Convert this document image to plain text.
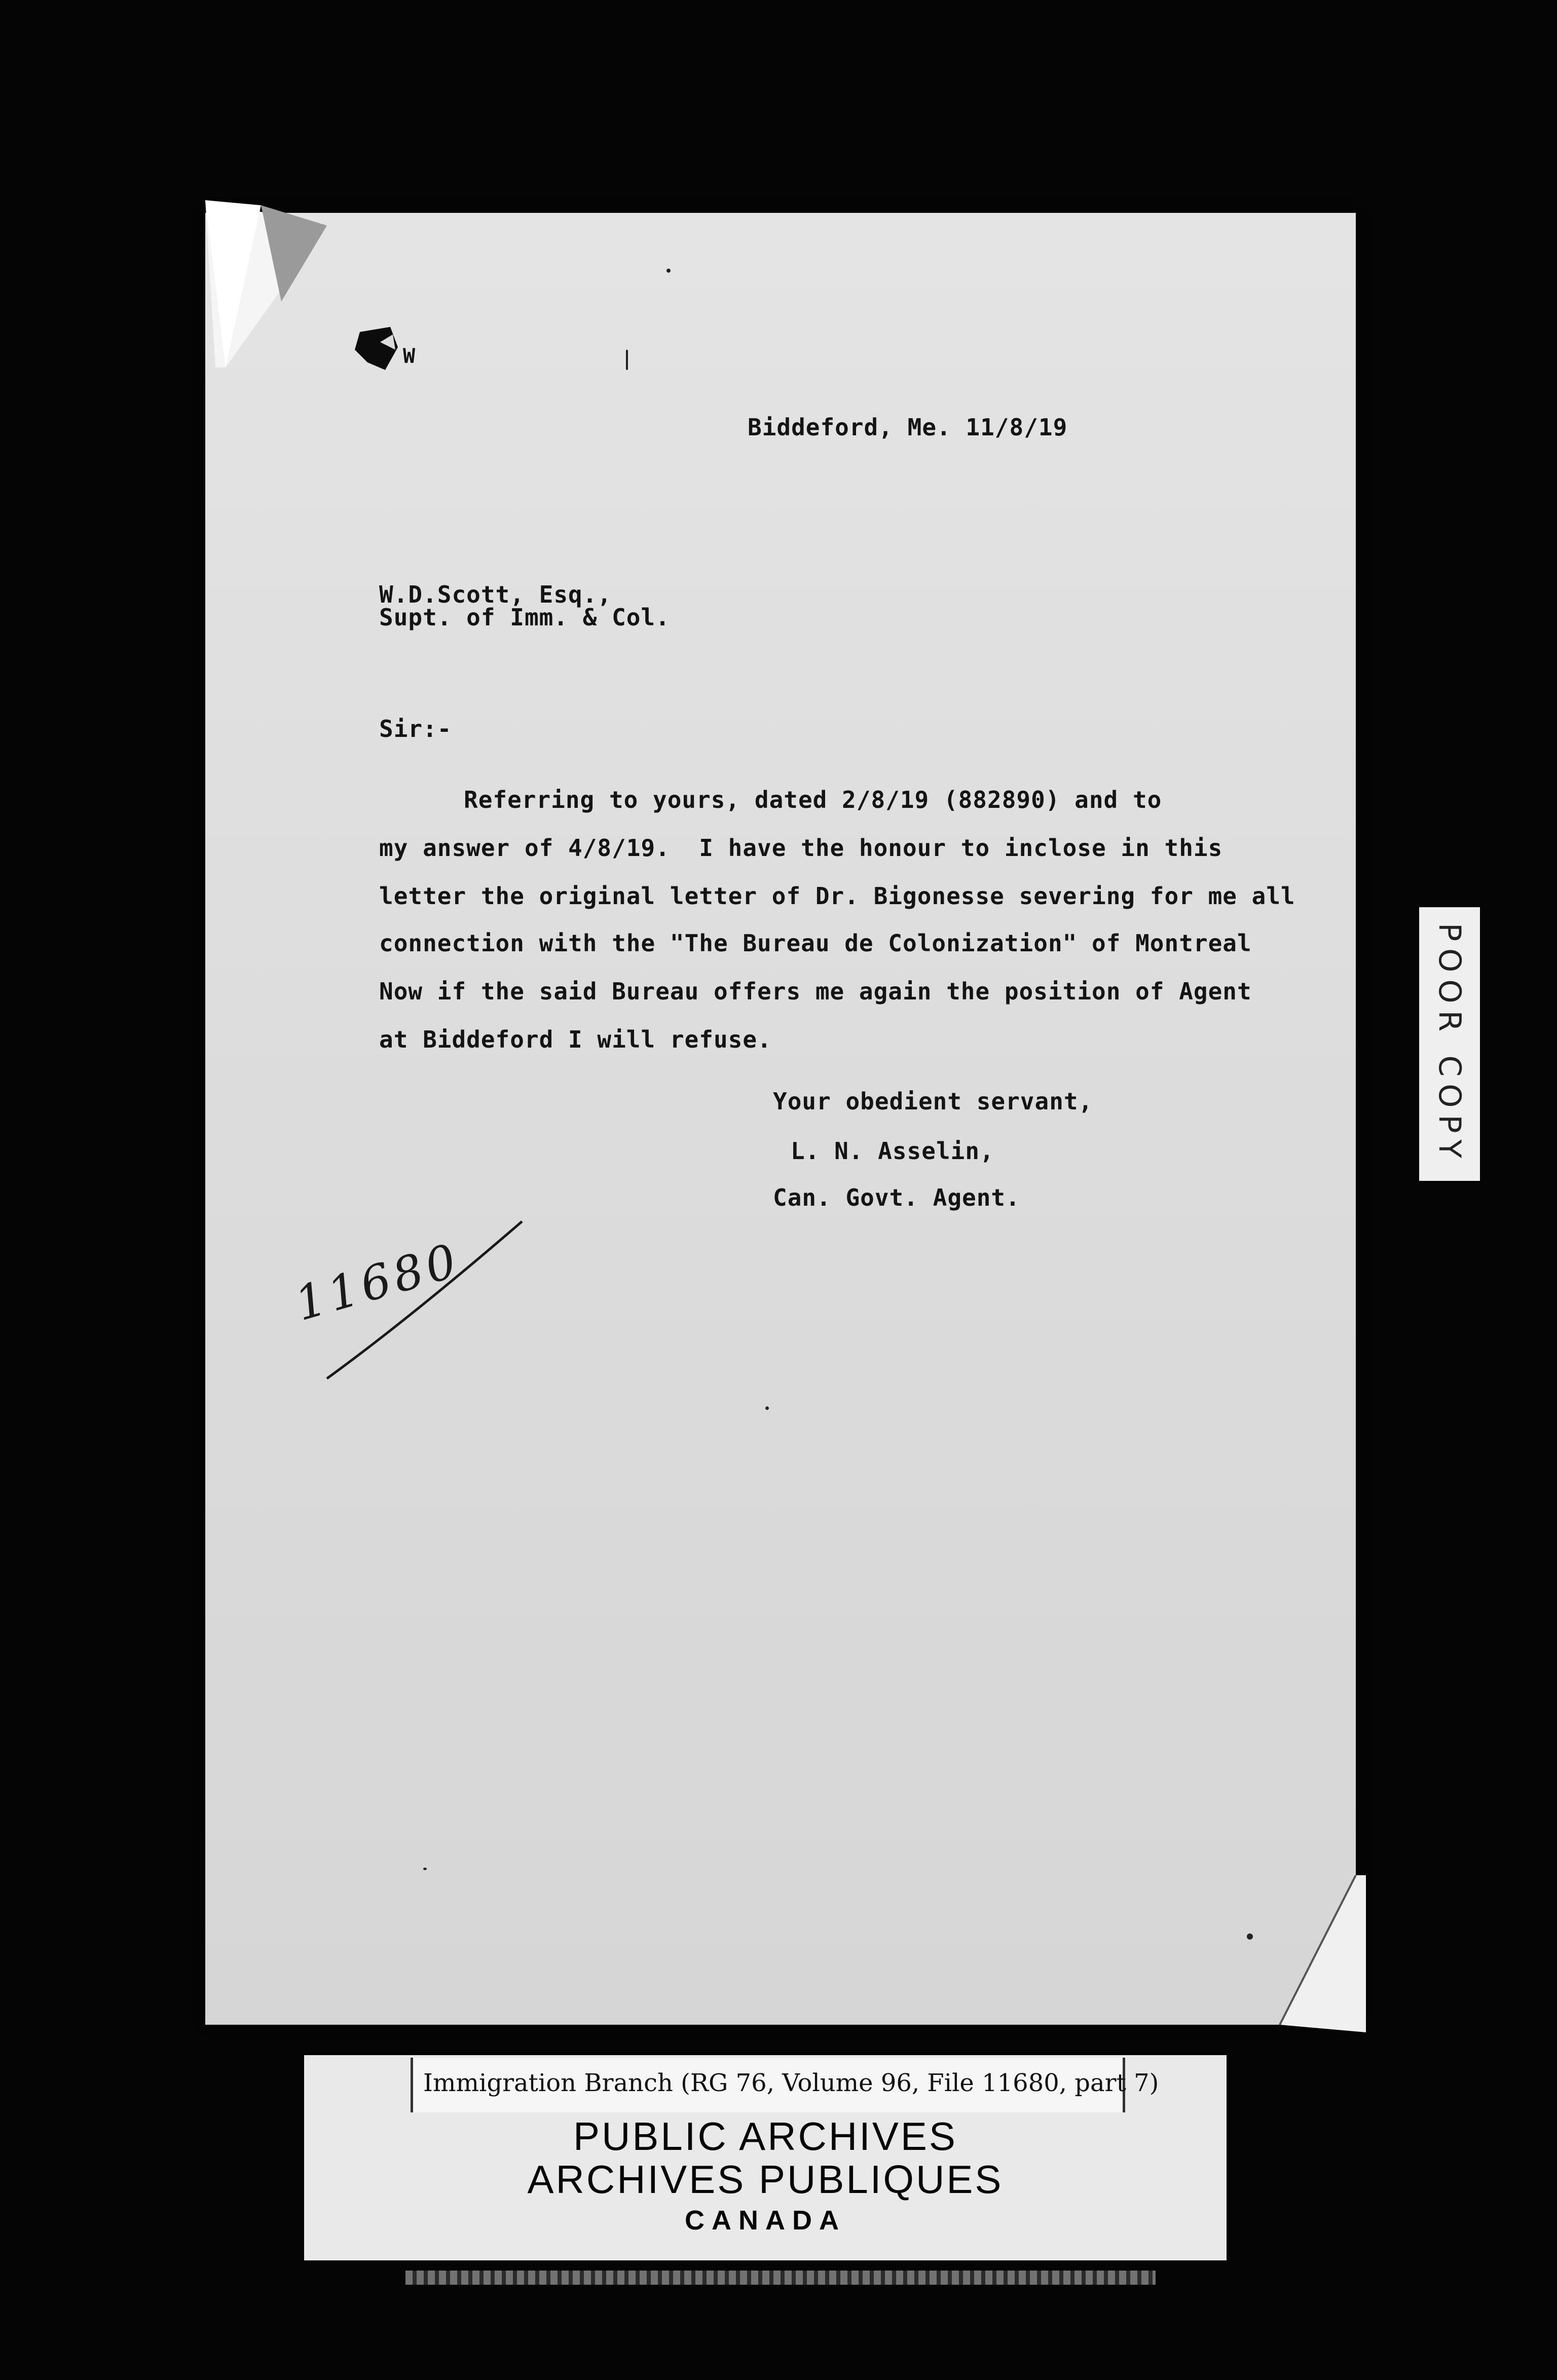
W
Biddeford, Me. 11/8/19
W.D.Scott, Esq.,
Supt. of Imm. & Col.
Sir:-
Referring to yours, dated 2/8/19 (882890) and to
my answer of 4/8/19.  I have the honour to inclose in this
letter the original letter of Dr. Bigonesse severing for me all
connection with the "The Bureau de Colonization" of Montreal
Now if the said Bureau offers me again the position of Agent
at Biddeford I will refuse.
Your obedient servant,
L. N. Asselin,
Can. Govt. Agent.
11680
POOR COPY
Immigration Branch (RG 76, Volume 96, File 11680, part 7)
PUBLIC ARCHIVES
ARCHIVES PUBLIQUES
CANADA
